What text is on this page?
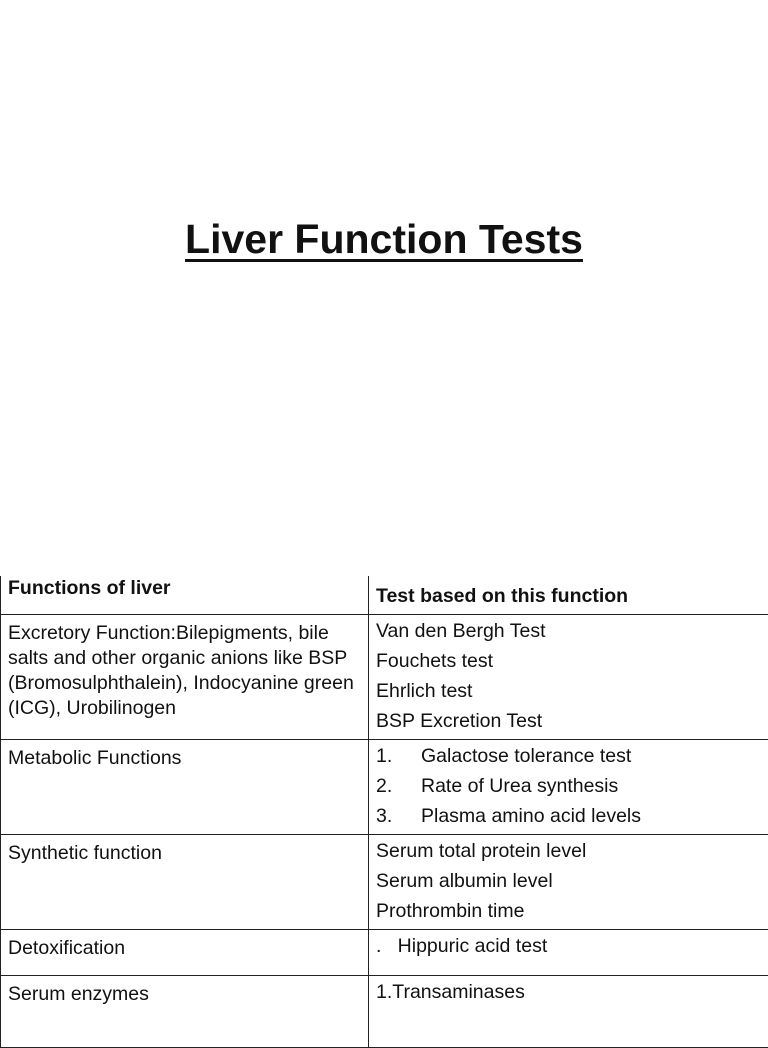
Liver Function Tests
Functions of liver	Test based on this function
Excretory Function:Bilepigments, bile salts and other organic anions like BSP (Bromosulphthalein), Indocyanine green (ICG), Urobilinogen	Van den Bergh Test
Fouchets test
Ehrlich test
BSP Excretion Test

Metabolic Functions	1. Galactose tolerance test
2. Rate of Urea synthesis
3. Plasma amino acid levels

Synthetic function	Serum total protein level
Serum albumin level
Prothrombin time

Detoxification	.   Hippuric acid test

Serum enzymes	1.Transaminases
